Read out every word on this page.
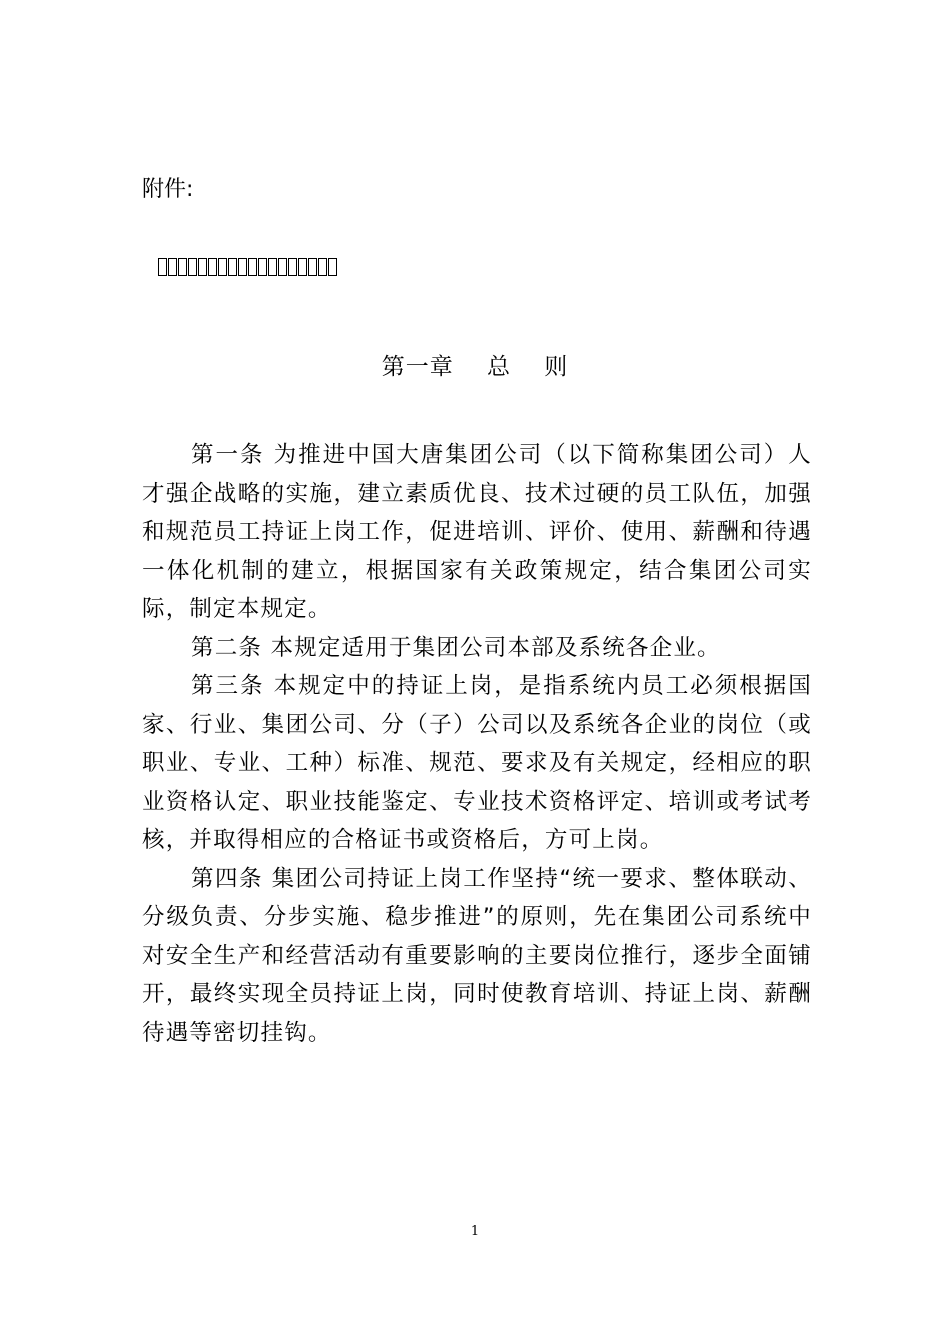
附件:
第一章    总    则

第一条 为推进中国大唐集团公司（以下简称集团公司）人才强企战略的实施，建立素质优良、技术过硬的员工队伍，加强和规范员工持证上岗工作，促进培训、评价、使用、薪酬和待遇一体化机制的建立，根据国家有关政策规定，结合集团公司实际，制定本规定。

第二条 本规定适用于集团公司本部及系统各企业。

第三条 本规定中的持证上岗，是指系统内员工必须根据国家、行业、集团公司、分（子）公司以及系统各企业的岗位（或职业、专业、工种）标准、规范、要求及有关规定，经相应的职业资格认定、职业技能鉴定、专业技术资格评定、培训或考试考核，并取得相应的合格证书或资格后，方可上岗。

第四条 集团公司持证上岗工作坚持“统一要求、整体联动、分级负责、分步实施、稳步推进”的原则，先在集团公司系统中对安全生产和经营活动有重要影响的主要岗位推行，逐步全面铺开，最终实现全员持证上岗，同时使教育培训、持证上岗、薪酬待遇等密切挂钩。

1
